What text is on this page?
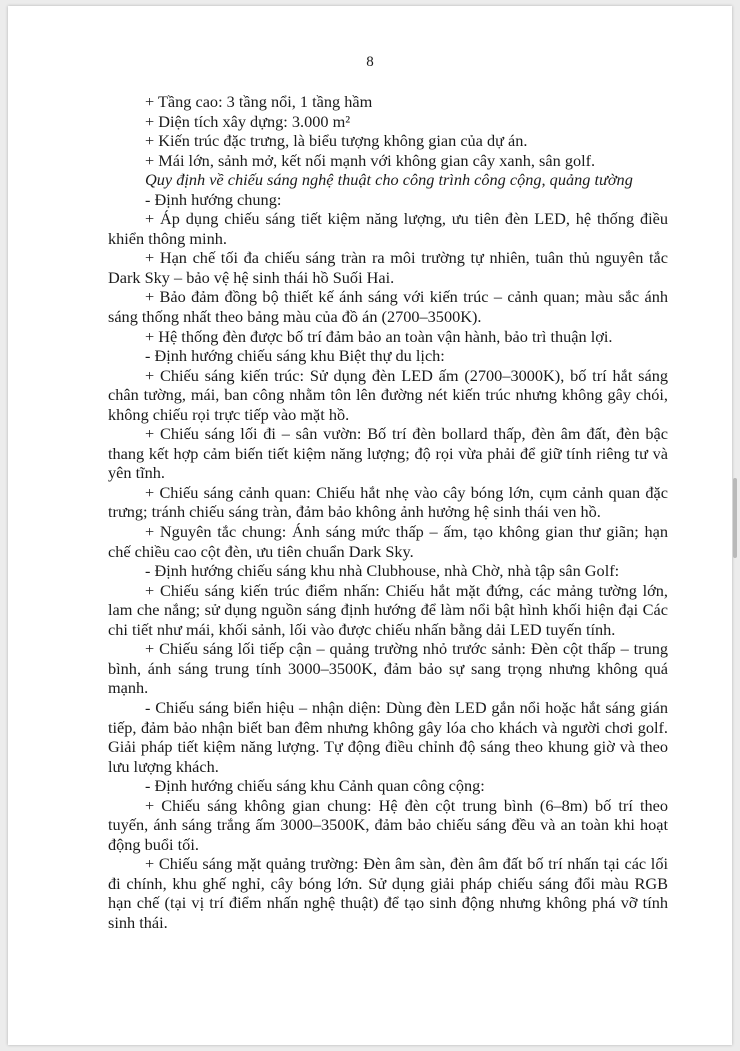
8

+ Tầng cao: 3 tầng nổi, 1 tầng hầm

+ Diện tích xây dựng: 3.000 m²

+ Kiến trúc đặc trưng, là biểu tượng không gian của dự án.

+ Mái lớn, sảnh mở, kết nối mạnh với không gian cây xanh, sân golf.

Quy định về chiếu sáng nghệ thuật cho công trình công cộng, quảng tường

- Định hướng chung:

+ Áp dụng chiếu sáng tiết kiệm năng lượng, ưu tiên đèn LED, hệ thống điều khiển thông minh.

+ Hạn chế tối đa chiếu sáng tràn ra môi trường tự nhiên, tuân thủ nguyên tắc Dark Sky – bảo vệ hệ sinh thái hồ Suối Hai.

+ Bảo đảm đồng bộ thiết kế ánh sáng với kiến trúc – cảnh quan; màu sắc ánh sáng thống nhất theo bảng màu của đồ án (2700–3500K).

+ Hệ thống đèn được bố trí đảm bảo an toàn vận hành, bảo trì thuận lợi.

- Định hướng chiếu sáng khu Biệt thự du lịch:

+ Chiếu sáng kiến trúc: Sử dụng đèn LED ấm (2700–3000K), bố trí hắt sáng chân tường, mái, ban công nhằm tôn lên đường nét kiến trúc nhưng không gây chói, không chiếu rọi trực tiếp vào mặt hồ.

+ Chiếu sáng lối đi – sân vườn: Bố trí đèn bollard thấp, đèn âm đất, đèn bậc thang kết hợp cảm biến tiết kiệm năng lượng; độ rọi vừa phải để giữ tính riêng tư và yên tĩnh.

+ Chiếu sáng cảnh quan: Chiếu hắt nhẹ vào cây bóng lớn, cụm cảnh quan đặc trưng; tránh chiếu sáng tràn, đảm bảo không ảnh hưởng hệ sinh thái ven hồ.

+ Nguyên tắc chung: Ánh sáng mức thấp – ấm, tạo không gian thư giãn; hạn chế chiều cao cột đèn, ưu tiên chuẩn Dark Sky.

- Định hướng chiếu sáng khu nhà Clubhouse, nhà Chờ, nhà tập sân Golf:

+ Chiếu sáng kiến trúc điểm nhấn: Chiếu hắt mặt đứng, các mảng tường lớn, lam che nắng; sử dụng nguồn sáng định hướng để làm nổi bật hình khối hiện đại Các chi tiết như mái, khối sảnh, lối vào được chiếu nhấn bằng dải LED tuyến tính.

+ Chiếu sáng lối tiếp cận – quảng trường nhỏ trước sảnh: Đèn cột thấp – trung bình, ánh sáng trung tính 3000–3500K, đảm bảo sự sang trọng nhưng không quá mạnh.

- Chiếu sáng biển hiệu – nhận diện: Dùng đèn LED gắn nổi hoặc hắt sáng gián tiếp, đảm bảo nhận biết ban đêm nhưng không gây lóa cho khách và người chơi golf. Giải pháp tiết kiệm năng lượng. Tự động điều chỉnh độ sáng theo khung giờ và theo lưu lượng khách.

- Định hướng chiếu sáng khu Cảnh quan công cộng:

+ Chiếu sáng không gian chung: Hệ đèn cột trung bình (6–8m) bố trí theo tuyến, ánh sáng trắng ấm 3000–3500K, đảm bảo chiếu sáng đều và an toàn khi hoạt động buổi tối.

+ Chiếu sáng mặt quảng trường: Đèn âm sàn, đèn âm đất bố trí nhấn tại các lối đi chính, khu ghế nghỉ, cây bóng lớn. Sử dụng giải pháp chiếu sáng đổi màu RGB hạn chế (tại vị trí điểm nhấn nghệ thuật) để tạo sinh động nhưng không phá vỡ tính sinh thái.
